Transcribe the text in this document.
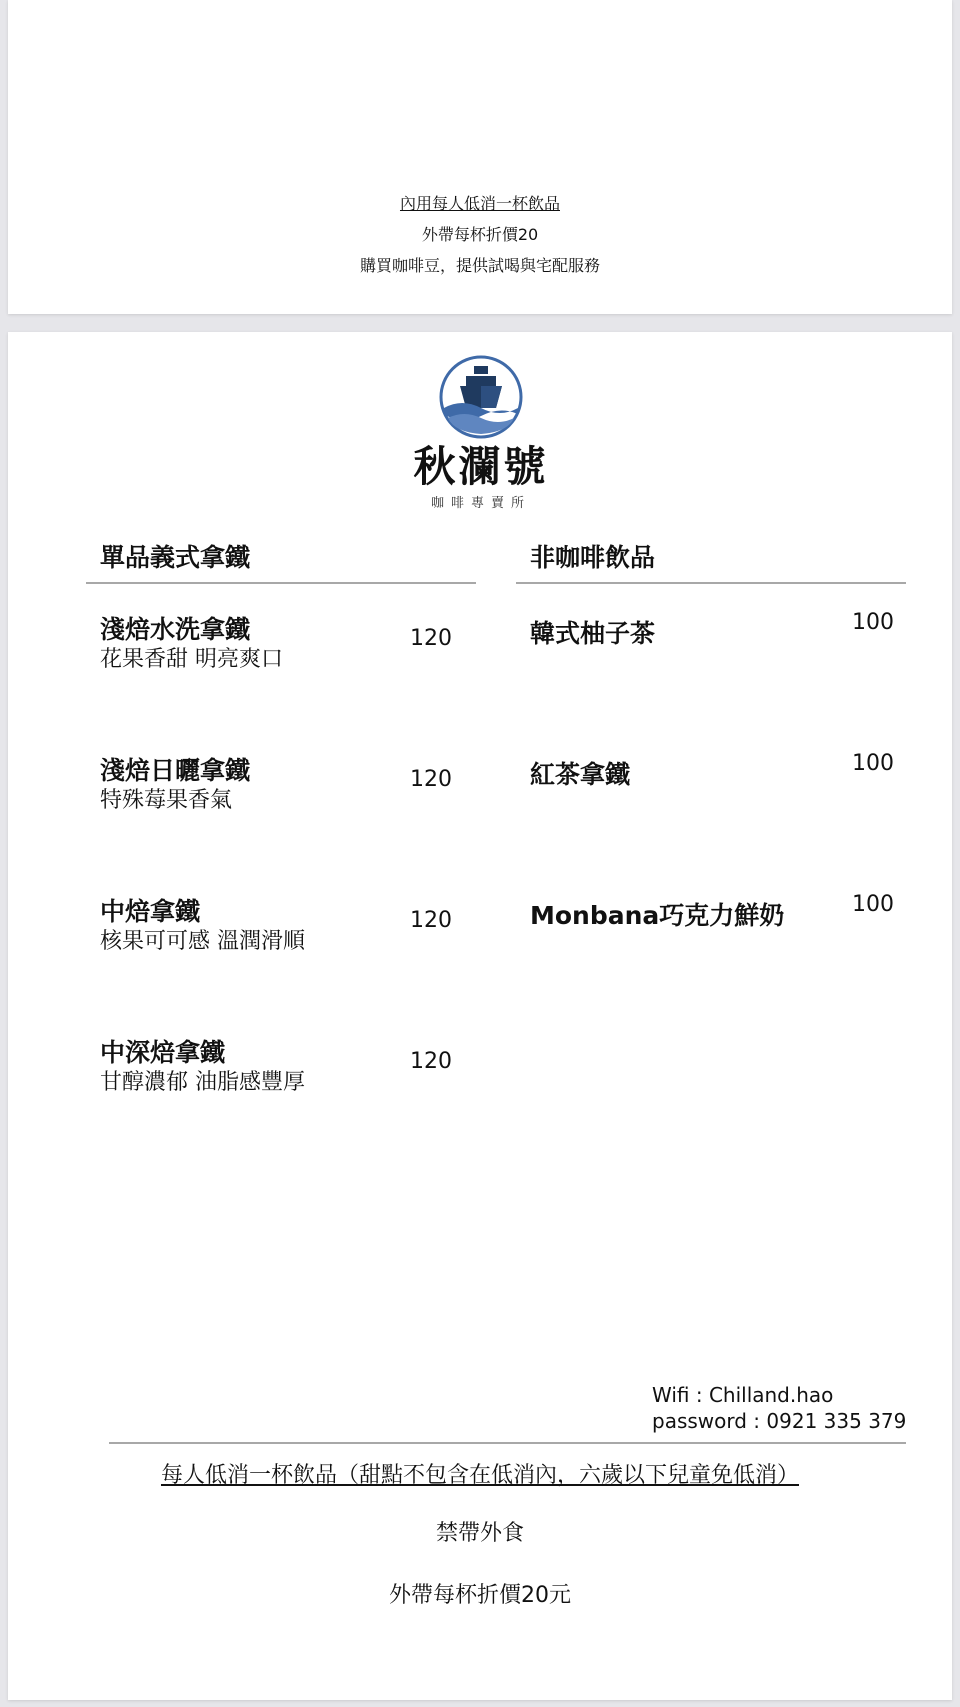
內用每人低消一杯飲品
外帶每杯折價20
購買咖啡豆，提供試喝與宅配服務
秋瀾號
咖啡專賣所
單品義式拿鐵
淺焙水洗拿鐵
花果香甜 明亮爽口
120
淺焙日曬拿鐵
特殊莓果香氣
120
中焙拿鐵
核果可可感 溫潤滑順
120
中深焙拿鐵
甘醇濃郁 油脂感豐厚
120
非咖啡飲品
韓式柚子茶	100
紅茶拿鐵	100
Monbana巧克力鮮奶	100
Wifi : Chilland.hao
password : 0921 335 379
每人低消一杯飲品（甜點不包含在低消內，六歲以下兒童免低消）
禁帶外食
外帶每杯折價20元
